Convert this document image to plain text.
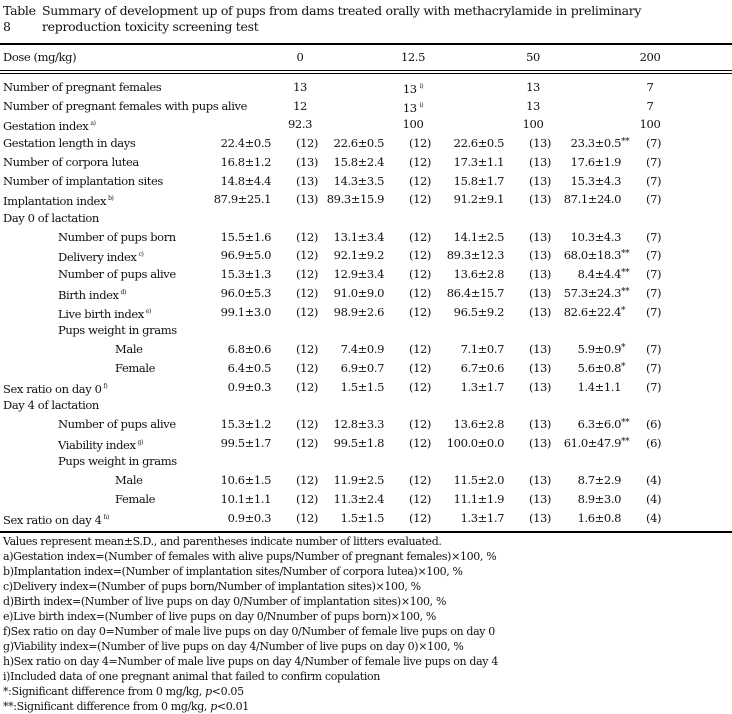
Table 8
Summary of development up of pups from dams treated orally with methacrylamide in preliminary
reproduction toxicity screening test
Dose (mg/kg)	0	12.5	50	200
Number of pregnant females	13	13 $^{i)}$	13	7
Number of pregnant females with pups alive	12	13 $^{i)}$	13	7
Gestation index $^{a)}$	92.3	100	100	100
Gestation length in days	22.4±0.5 (12) 22.6±0.5 (12) 22.6±0.5 (13) 23.3±0.5 ** (7)
Number of corpora lutea	16.8±1.2 (13) 15.8±2.4 (12) 17.3±1.1 (13) 17.6±1.9 (7)
Number of implantation sites	14.8±4.4 (13) 14.3±3.5 (12) 15.8±1.7 (13) 15.3±4.3 (7)
Implantation index $^{b)}$	87.9±25.1 (13) 89.3±15.9 (12) 91.2±9.1 (13) 87.1±24.0 (7)
Day 0 of lactation
Number of pups born	15.5±1.6 (12) 13.1±3.4 (12) 14.1±2.5 (13) 10.3±4.3 (7)
Delivery index $^{c)}$	96.9±5.0 (12) 92.1±9.2 (12) 89.3±12.3 (13) 68.0±18.3 ** (7)
Number of pups alive	15.3±1.3 (12) 12.9±3.4 (12) 13.6±2.8 (13) 8.4±4.4 ** (7)
Birth index $^{d)}$	96.0±5.3 (12) 91.0±9.0 (12) 86.4±15.7 (13) 57.3±24.3 ** (7)
Live birth index $^{e)}$	99.1±3.0 (12) 98.9±2.6 (12) 96.5±9.2 (13) 82.6±22.4 * (7)
Pups weight in grams
Male	6.8±0.6 (12) 7.4±0.9 (12)	7.1±0.7 (13) 5.9±0.9 * (7)
Female	6.4±0.5 (12) 6.9±0.7 (12)	6.7±0.6 (13) 5.6±0.8 * (7)
Sex ratio on day 0 $^{f)}$	0.9±0.3 (12) 1.5±1.5 (12)	1.3±1.7 (13) 1.4±1.1 (7)
Day 4 of lactation
Number of pups alive	15.3±1.2 (12) 12.8±3.3 (12) 13.6±2.8 (13) 6.3±6.0 ** (6)
Viability index $^{g)}$	99.5±1.7 (12) 99.5±1.8 (12) 100.0±0.0 (13) 61.0±47.9 ** (6)
Pups weight in grams
Male	10.6±1.5 (12) 11.9±2.5 (12) 11.5±2.0 (13) 8.7±2.9 (4)
Female	10.1±1.1 (12) 11.3±2.4 (12) 11.1±1.9 (13) 8.9±3.0 (4)
Sex ratio on day 4 $^{h)}$	0.9±0.3 (12) 1.5±1.5 (12)	1.3±1.7 (13) 1.6±0.8 (4)
Values represent mean±S.D., and parentheses indicate number of litters evaluated.
a)Gestation index=(Number of females with alive pups/Number of pregnant females)×100, %
b)Implantation index=(Number of implantation sites/Number of corpora lutea)×100, %
c)Delivery index=(Number of pups born/Number of implantation sites)×100, %
d)Birth index=(Number of live pups on day 0/Number of implantation sites)×100, %
e)Live birth index=(Number of live pups on day 0/Nnumber of pups born)×100, %
f)Sex ratio on day 0=Number of male live pups on day 0/Number of female live pups on day 0
g)Viability index=(Number of live pups on day 4/Number of live pups on day 0)×100, %
h)Sex ratio on day 4=Number of male live pups on day 4/Number of female live pups on day 4
i)Included data of one pregnant animal that failed to confirm copulation
*:Significant difference from 0 mg/kg, p<0.05
**:Significant difference from 0 mg/kg, p<0.01
